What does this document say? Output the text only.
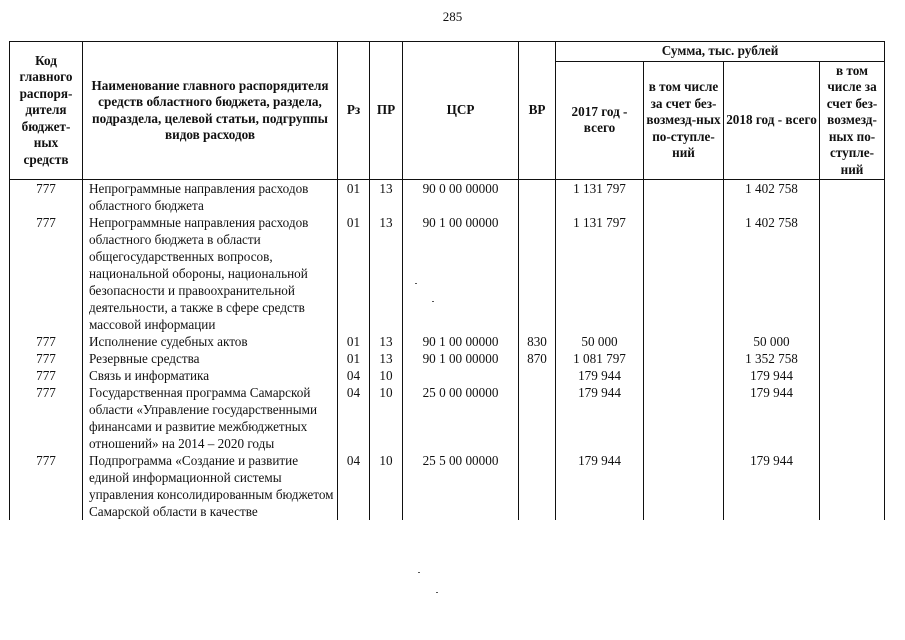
285
Код главного распоря-дителя бюджет-ных средств	Наименование главного распорядителя средств областного бюджета, раздела, подраздела, целевой статьи, подгруппы видов расходов	Рз	ПР	ЦСР	ВР	Сумма, тыс. рублей			
						2017 год - всего	в том числе за счет без-возмезд-ных по-ступле-ний	2018 год - всего	в том числе за счет без-возмезд-ных по-ступле-ний
777	Непрограммные направления расходов областного бюджета	01	13	90 0 00 00000		1 131 797		1 402 758	
777	Непрограммные направления расходов областного бюджета в области общегосударственных вопросов, национальной обороны, национальной безопасности и правоохранительной деятельности, а также в сфере средств массовой информации	01	13	90 1 00 00000		1 131 797		1 402 758	
777	Исполнение судебных актов	01	13	90 1 00 00000	830	50 000		50 000	
777	Резервные средства	01	13	90 1 00 00000	870	1 081 797		1 352 758	
777	Связь и информатика	04	10			179 944		179 944	
777	Государственная программа Самарской области «Управление государственными финансами и развитие межбюджетных отношений» на 2014 – 2020 годы	04	10	25 0 00 00000		179 944		179 944	
777	Подпрограмма «Создание и развитие единой информационной системы управления консолидированным бюджетом Самарской области в качестве	04	10	25 5 00 00000		179 944		179 944	
